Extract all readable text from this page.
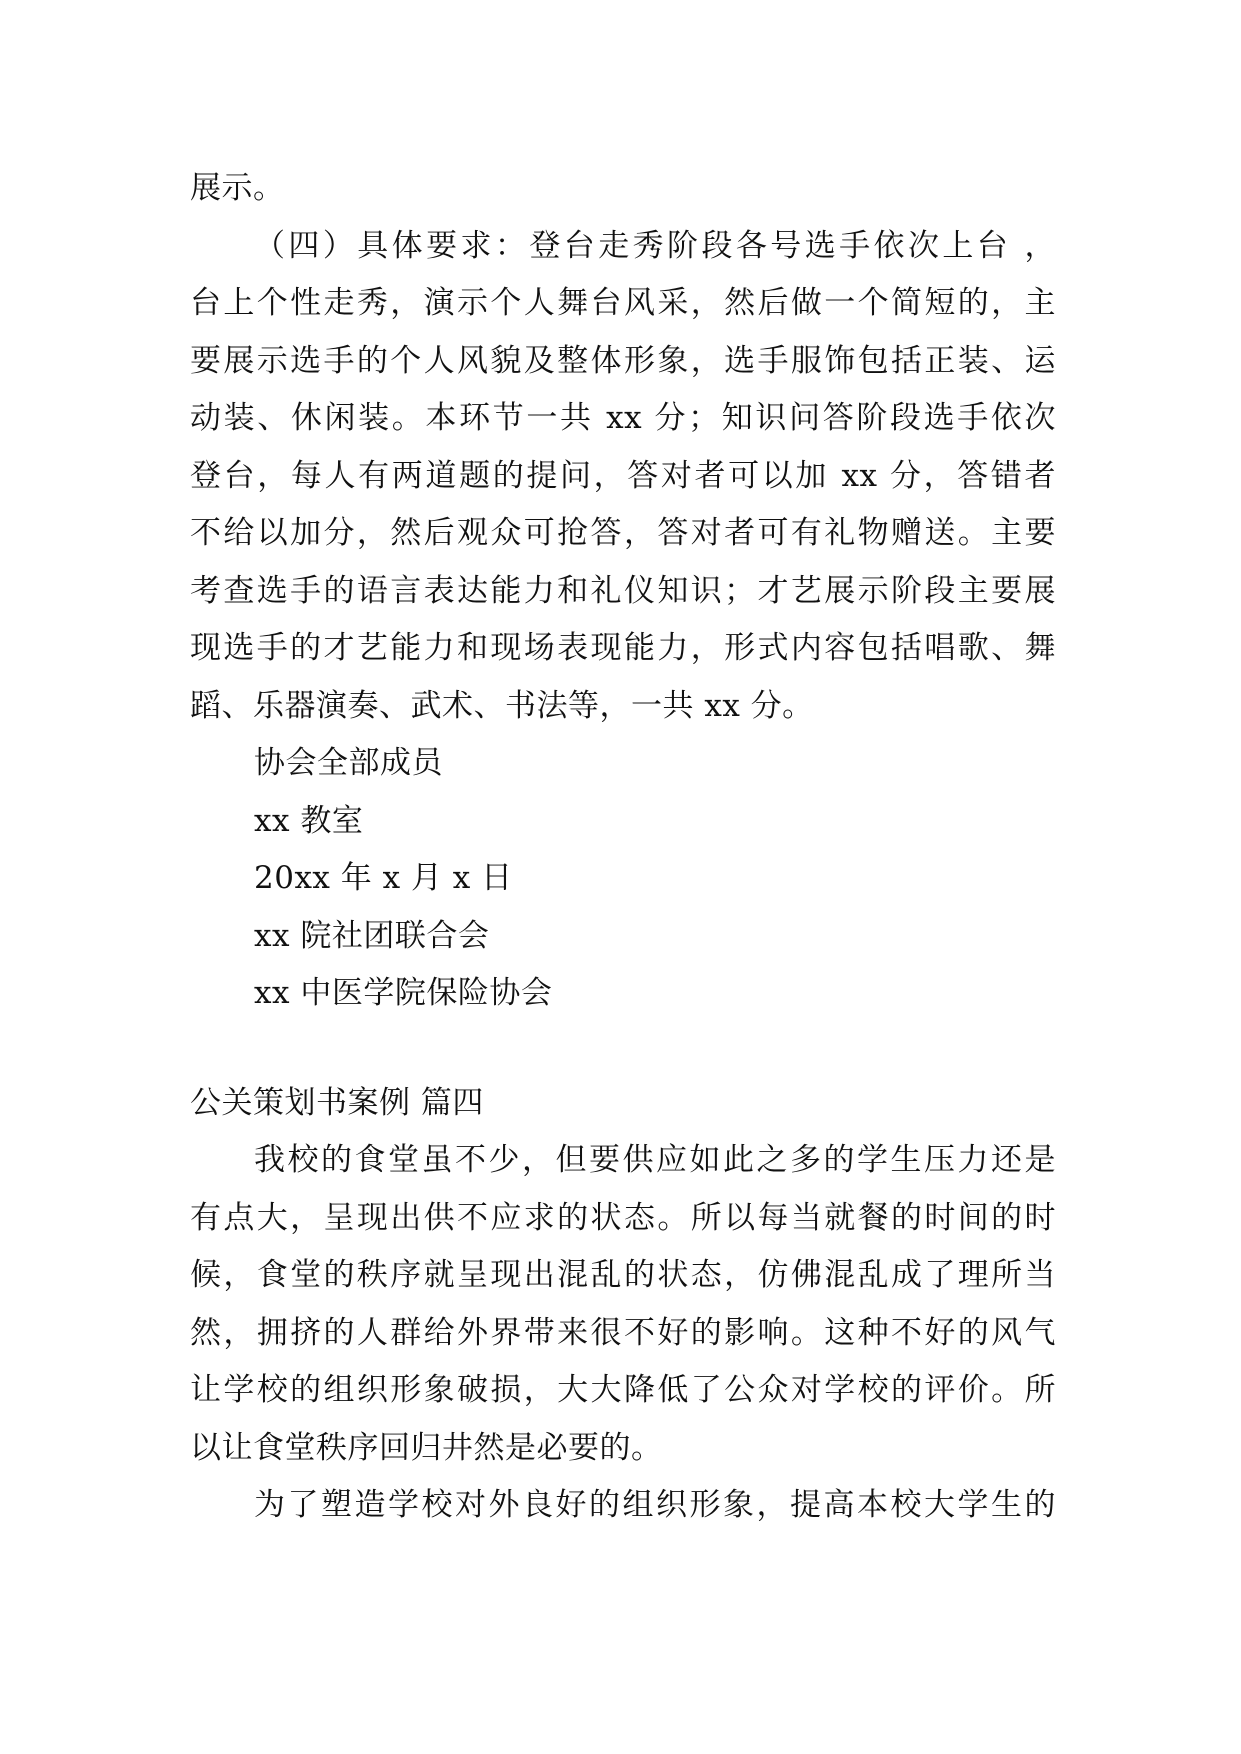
展示。
（四）具体要求：登台走秀阶段各号选手依次上台 ，
台上个性走秀，演示个人舞台风采，然后做一个简短的，主
要展示选手的个人风貌及整体形象，选手服饰包括正装、运
动装、休闲装。本环节一共 xx 分；知识问答阶段选手依次
登台，每人有两道题的提问，答对者可以加 xx 分，答错者
不给以加分，然后观众可抢答，答对者可有礼物赠送。主要
考查选手的语言表达能力和礼仪知识；才艺展示阶段主要展
现选手的才艺能力和现场表现能力，形式内容包括唱歌、舞
蹈、乐器演奏、武术、书法等，一共 xx 分。
协会全部成员
xx 教室
20xx 年 x 月 x 日
xx 院社团联合会
xx 中医学院保险协会
公关策划书案例 篇四
我校的食堂虽不少，但要供应如此之多的学生压力还是
有点大，呈现出供不应求的状态。所以每当就餐的时间的时
候，食堂的秩序就呈现出混乱的状态，仿佛混乱成了理所当
然，拥挤的人群给外界带来很不好的影响。这种不好的风气
让学校的组织形象破损，大大降低了公众对学校的评价。所
以让食堂秩序回归井然是必要的。
为了塑造学校对外良好的组织形象，提高本校大学生的
